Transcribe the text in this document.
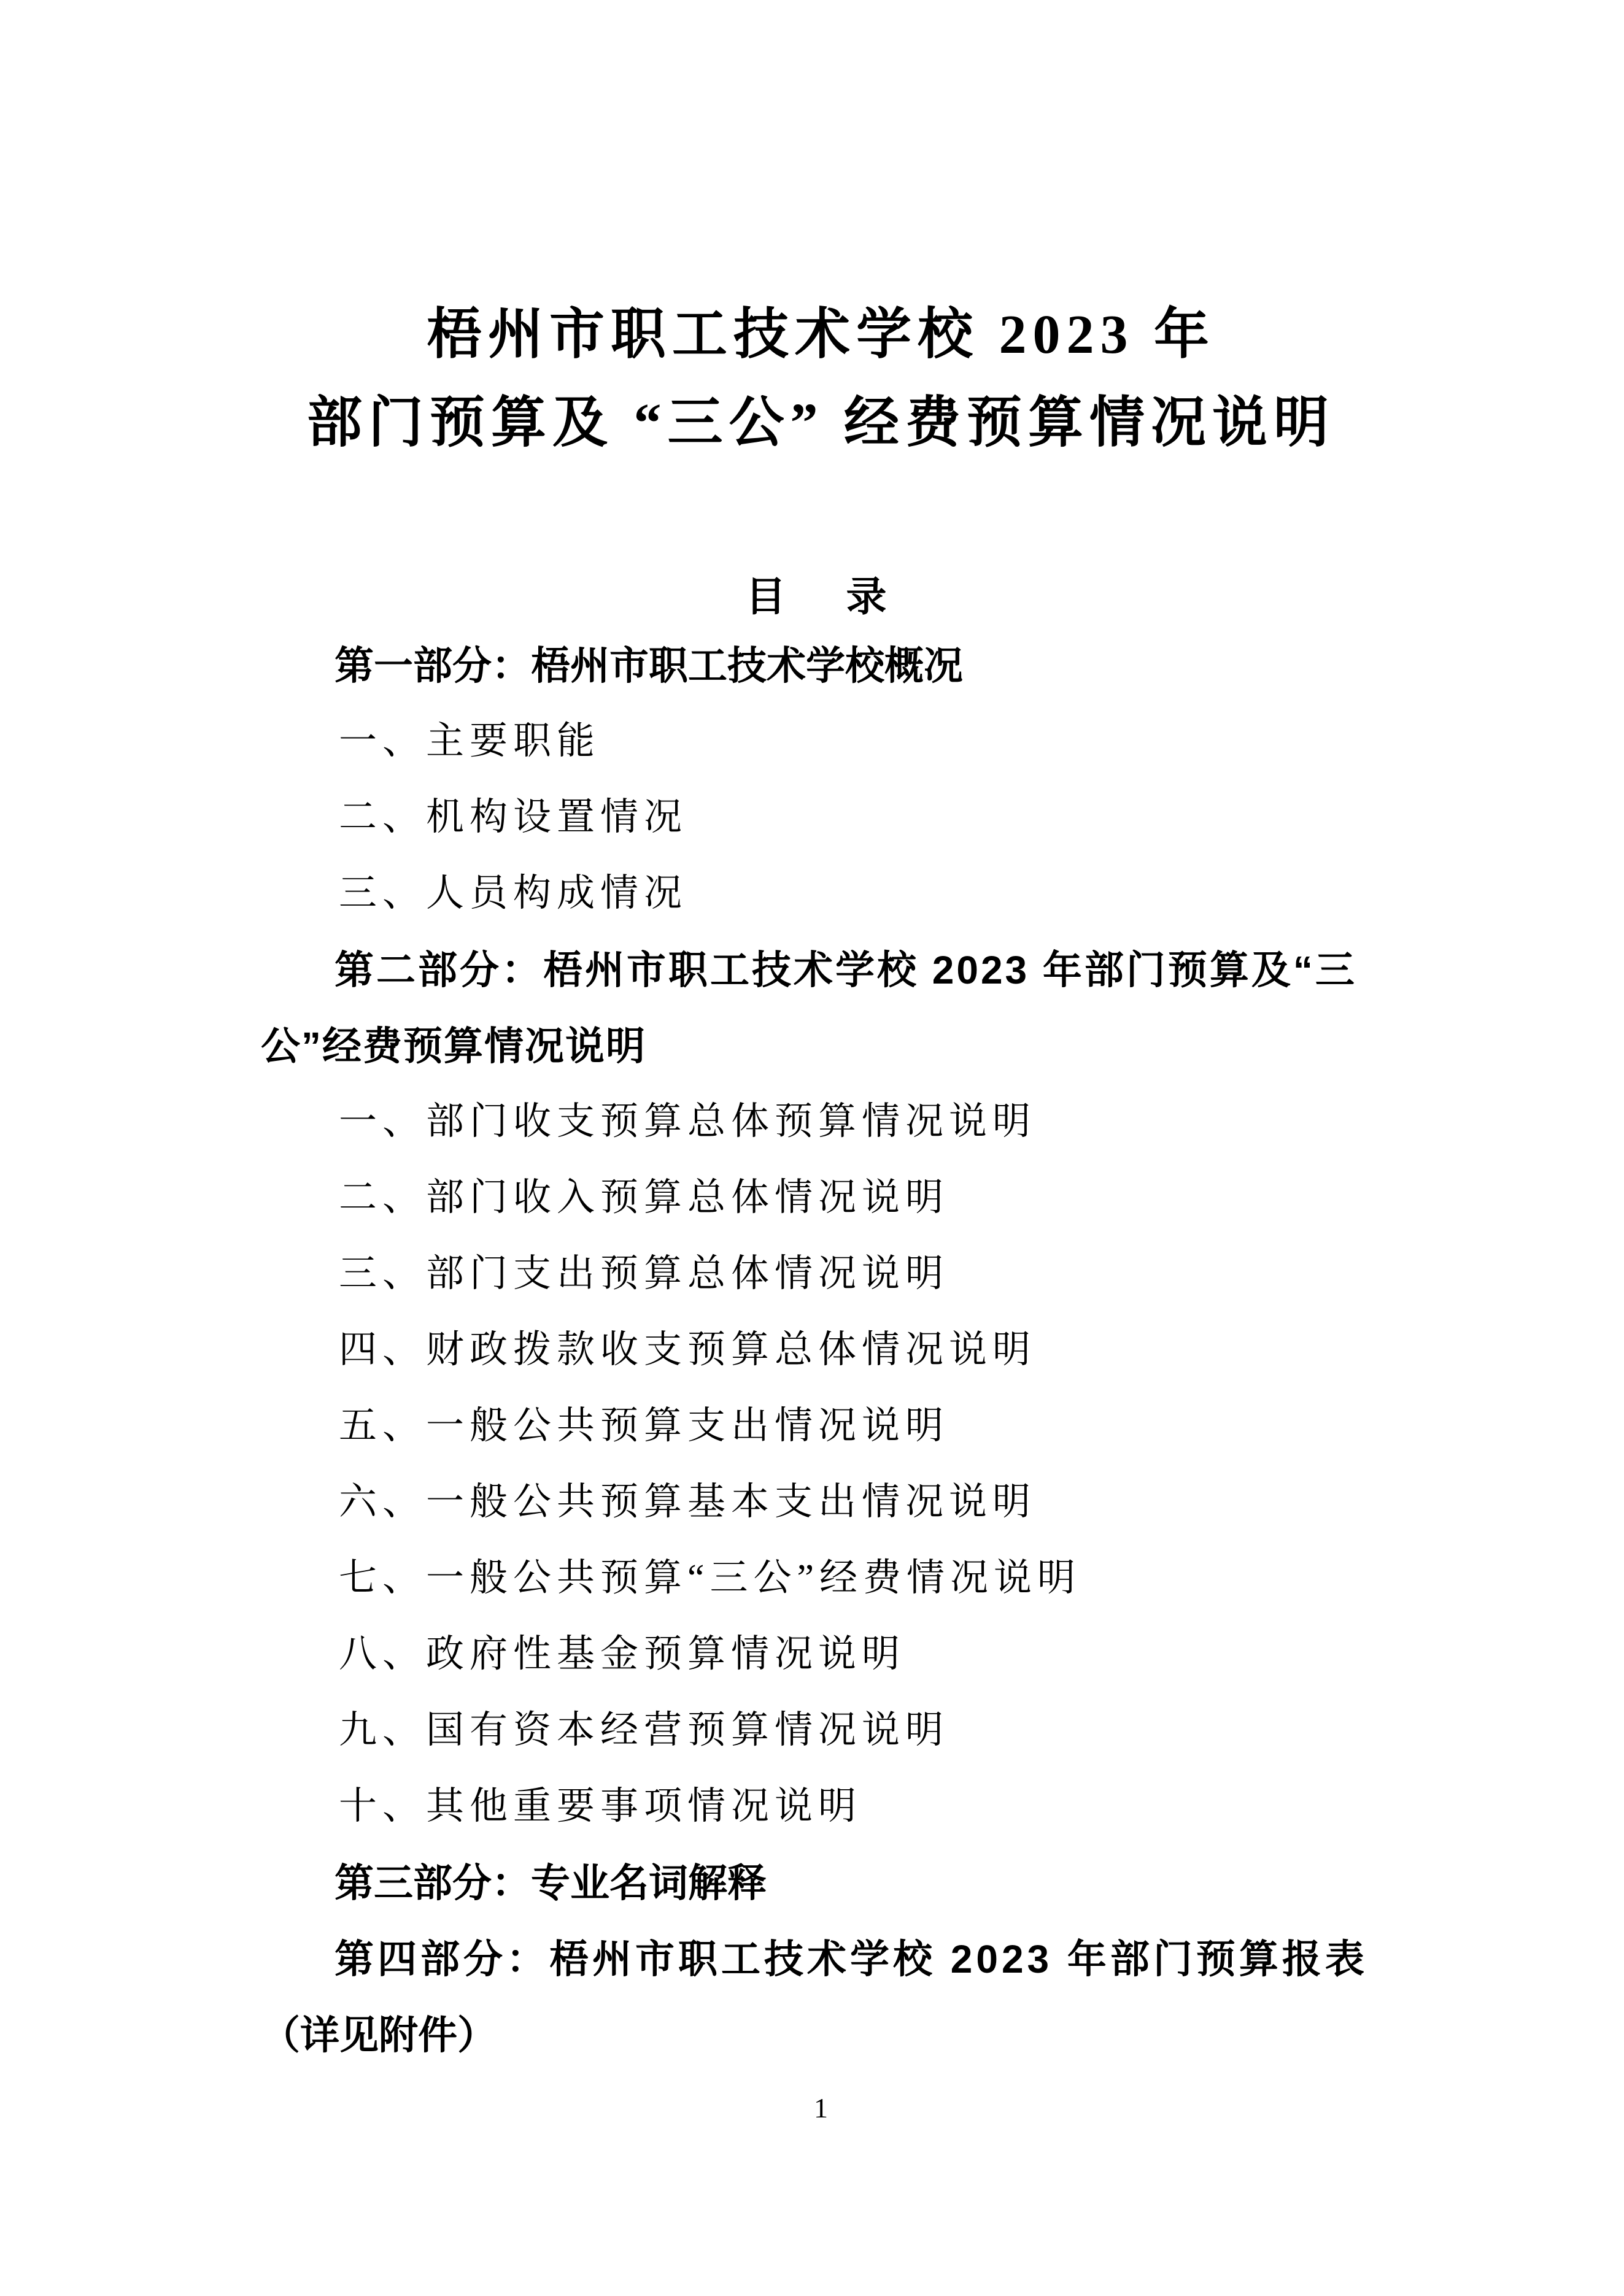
梧州市职工技术学校 2023 年
部门预算及 “三公” 经费预算情况说明
目　录
第一部分：梧州市职工技术学校概况
一、主要职能
二、机构设置情况
三、人员构成情况
第二部分：梧州市职工技术学校 2023 年部门预算及“三
公”经费预算情况说明
一、部门收支预算总体预算情况说明
二、部门收入预算总体情况说明
三、部门支出预算总体情况说明
四、财政拨款收支预算总体情况说明
五、一般公共预算支出情况说明
六、一般公共预算基本支出情况说明
七、一般公共预算“三公”经费情况说明
八、政府性基金预算情况说明
九、国有资本经营预算情况说明
十、其他重要事项情况说明
第三部分：专业名词解释
第四部分：梧州市职工技术学校 2023 年部门预算报表
（详见附件）
1
